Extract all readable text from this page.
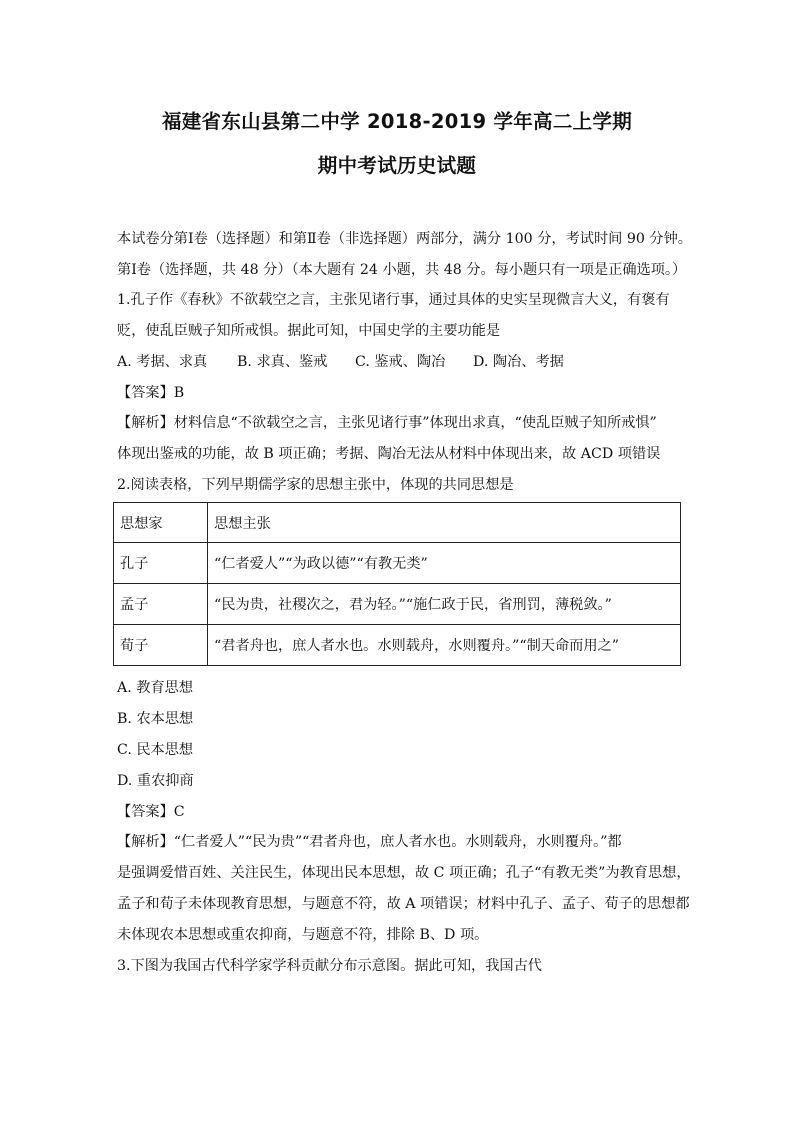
福建省东山县第二中学 2018-2019 学年高二上学期
期中考试历史试题
本试卷分第Ⅰ卷（选择题）和第Ⅱ卷（非选择题）两部分，满分 100 分，考试时间 90 分钟。
第Ⅰ卷（选择题，共 48 分）（本大题有 24 小题，共 48 分。每小题只有一项是正确选项。）
1.孔子作《春秋》不欲载空之言，主张见诸行事，通过具体的史实呈现微言大义，有褒有
贬，使乱臣贼子知所戒惧。据此可知，中国史学的主要功能是
A. 考据、求真 B. 求真、鉴戒 C. 鉴戒、陶冶 D. 陶冶、考据
【答案】B
【解析】材料信息“不欲载空之言，主张见诸行事”体现出求真，“使乱臣贼子知所戒惧”
体现出鉴戒的功能，故 B 项正确；考据、陶冶无法从材料中体现出来，故 ACD 项错误
2.阅读表格，下列早期儒学家的思想主张中，体现的共同思想是
思想家	思想主张
孔子	“仁者爱人”“为政以德”“有教无类”
孟子	“民为贵，社稷次之，君为轻。”“施仁政于民，省刑罚，薄税敛。”
荀子	“君者舟也，庶人者水也。水则载舟，水则覆舟。”“制天命而用之”
A. 教育思想
B. 农本思想
C. 民本思想
D. 重农抑商
【答案】C
【解析】“仁者爱人”“民为贵”“君者舟也，庶人者水也。水则载舟，水则覆舟。”都
是强调爱惜百姓、关注民生，体现出民本思想，故 C 项正确；孔子“有教无类”为教育思想，
孟子和荀子未体现教育思想，与题意不符，故 A 项错误；材料中孔子、孟子、荀子的思想都
未体现农本思想或重农抑商，与题意不符，排除 B、D 项。
3.下图为我国古代科学家学科贡献分布示意图。据此可知，我国古代
